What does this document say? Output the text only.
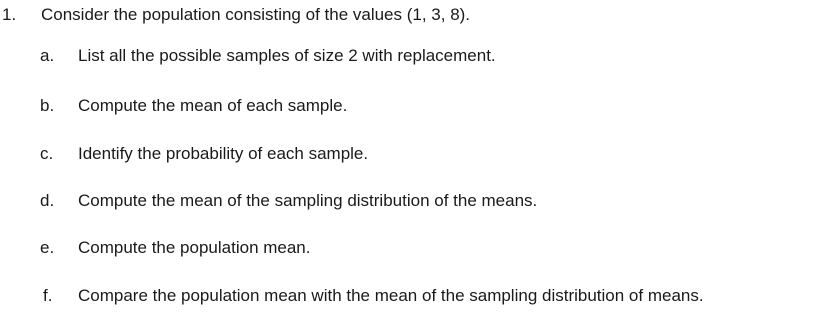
1. Consider the population consisting of the values (1, 3, 8).
a. List all the possible samples of size 2 with replacement.
b. Compute the mean of each sample.
c. Identify the probability of each sample.
d. Compute the mean of the sampling distribution of the means.
e. Compute the population mean.
f. Compare the population mean with the mean of the sampling distribution of means.
